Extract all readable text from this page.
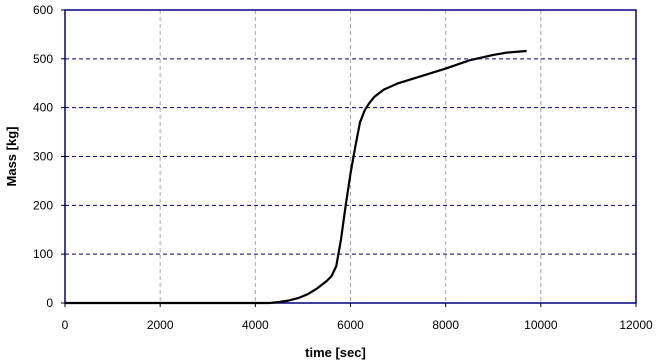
0	2000	4000	6000	8000	10000	12000
0
100
200
300
400
500
600
time [sec]
Mass [kg]
